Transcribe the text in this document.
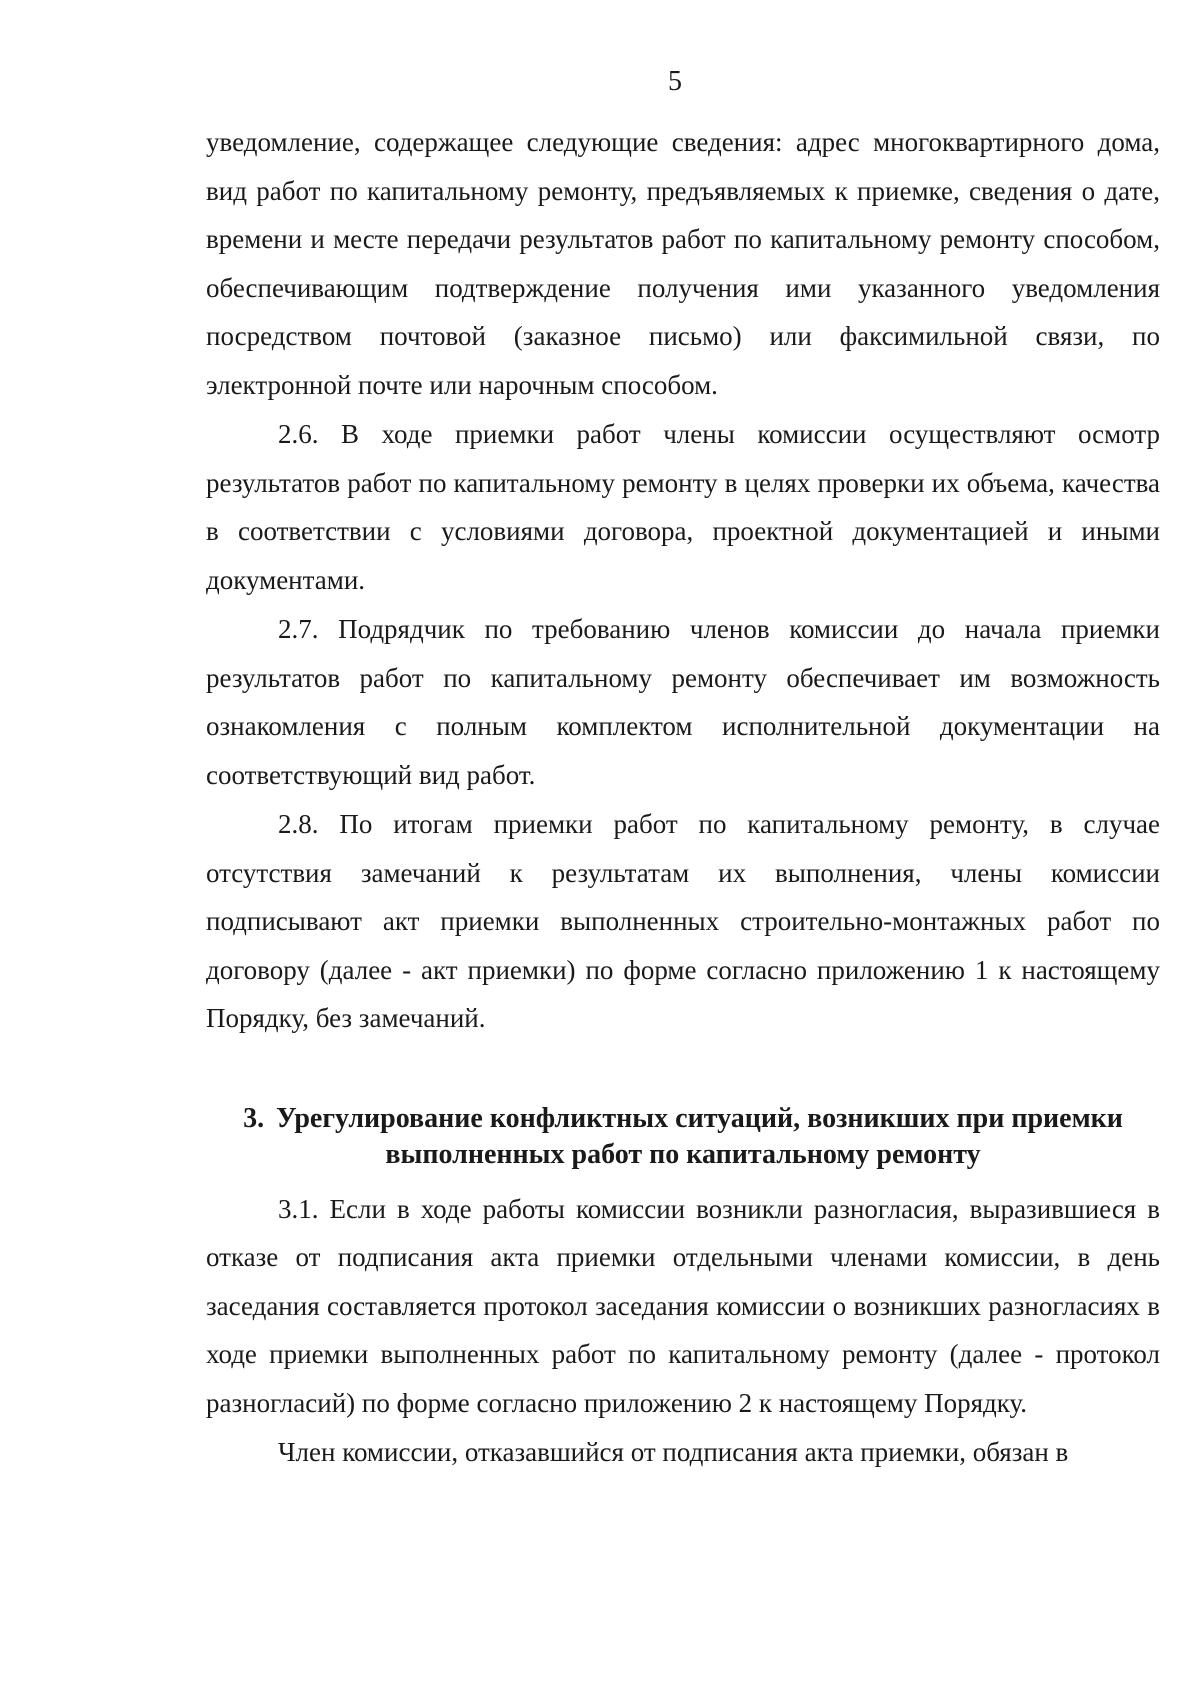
5

уведомление, содержащее следующие сведения: адрес многоквартирного дома, вид работ по капитальному ремонту, предъявляемых к приемке, сведения о дате, времени и месте передачи результатов работ по капитальному ремонту способом, обеспечивающим подтверждение получения ими указанного уведомления посредством почтовой (заказное письмо) или факсимильной связи, по электронной почте или нарочным способом.

2.6. В ходе приемки работ члены комиссии осуществляют осмотр результатов работ по капитальному ремонту в целях проверки их объема, качества в соответствии с условиями договора, проектной документацией и иными документами.

2.7. Подрядчик по требованию членов комиссии до начала приемки результатов работ по капитальному ремонту обеспечивает им возможность ознакомления с полным комплектом исполнительной документации на соответствующий вид работ.

2.8. По итогам приемки работ по капитальному ремонту, в случае отсутствия замечаний к результатам их выполнения, члены комиссии подписывают акт приемки выполненных строительно-монтажных работ по договору (далее - акт приемки) по форме согласно приложению 1 к настоящему Порядку, без замечаний.

3. Урегулирование конфликтных ситуаций, возникших при приемки
выполненных работ по капитальному ремонту

3.1. Если в ходе работы комиссии возникли разногласия, выразившиеся в отказе от подписания акта приемки отдельными членами комиссии, в день заседания составляется протокол заседания комиссии о возникших разногласиях в ходе приемки выполненных работ по капитальному ремонту (далее - протокол разногласий) по форме согласно приложению 2 к настоящему Порядку.

Член комиссии, отказавшийся от подписания акта приемки, обязан в
